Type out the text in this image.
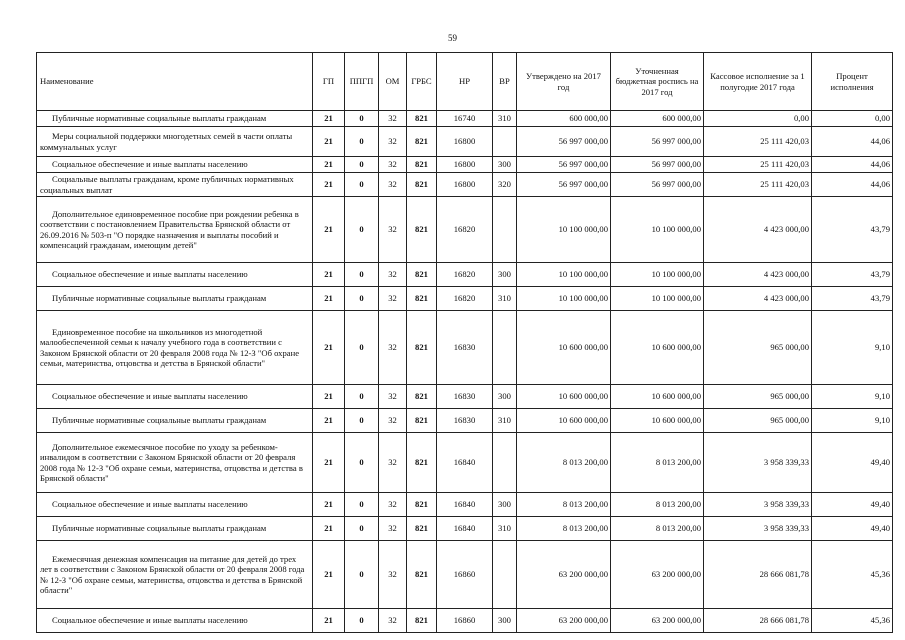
59
Наименование	ГП	ППГП	ОМ	ГРБС	НР	ВР	Утверждено на 2017 год	Уточненная бюджетная роспись на 2017 год	Кассовое исполнение за 1 полугодие 2017 года	Процент исполнения
Публичные нормативные социальные выплаты гражданам	21	0	32	821	16740	310	600 000,00	600 000,00	0,00	0,00
Меры социальной поддержки многодетных семей в части оплаты коммунальных услуг	21	0	32	821	16800		56 997 000,00	56 997 000,00	25 111 420,03	44,06
Социальное обеспечение и иные выплаты населению	21	0	32	821	16800	300	56 997 000,00	56 997 000,00	25 111 420,03	44,06
Социальные выплаты гражданам, кроме публичных нормативных социальных выплат	21	0	32	821	16800	320	56 997 000,00	56 997 000,00	25 111 420,03	44,06
Дополнительное единовременное пособие при рождении ребенка в соответствии с постановлением Правительства Брянской области от 26.09.2016 № 503-п "О порядке назначения и выплаты пособий и компенсаций гражданам, имеющим детей"	21	0	32	821	16820		10 100 000,00	10 100 000,00	4 423 000,00	43,79
Социальное обеспечение и иные выплаты населению	21	0	32	821	16820	300	10 100 000,00	10 100 000,00	4 423 000,00	43,79
Публичные нормативные социальные выплаты гражданам	21	0	32	821	16820	310	10 100 000,00	10 100 000,00	4 423 000,00	43,79
Единовременное пособие на школьников из многодетной малообеспеченной семьи к началу учебного года в соответствии с Законом Брянской области от 20 февраля 2008 года № 12-З "Об охране семьи, материнства, отцовства и детства в Брянской области"	21	0	32	821	16830		10 600 000,00	10 600 000,00	965 000,00	9,10
Социальное обеспечение и иные выплаты населению	21	0	32	821	16830	300	10 600 000,00	10 600 000,00	965 000,00	9,10
Публичные нормативные социальные выплаты гражданам	21	0	32	821	16830	310	10 600 000,00	10 600 000,00	965 000,00	9,10
Дополнительное ежемесячное пособие по уходу за ребенком-инвалидом в соответствии с Законом Брянской области от 20 февраля 2008 года № 12-З "Об охране семьи, материнства, отцовства и детства в Брянской области"	21	0	32	821	16840		8 013 200,00	8 013 200,00	3 958 339,33	49,40
Социальное обеспечение и иные выплаты населению	21	0	32	821	16840	300	8 013 200,00	8 013 200,00	3 958 339,33	49,40
Публичные нормативные социальные выплаты гражданам	21	0	32	821	16840	310	8 013 200,00	8 013 200,00	3 958 339,33	49,40
Ежемесячная денежная компенсация на питание для детей до трех лет в соответствии с Законом Брянской области от 20 февраля 2008 года № 12-З "Об охране семьи, материнства, отцовства и детства в Брянской области"	21	0	32	821	16860		63 200 000,00	63 200 000,00	28 666 081,78	45,36
Социальное обеспечение и иные выплаты населению	21	0	32	821	16860	300	63 200 000,00	63 200 000,00	28 666 081,78	45,36
